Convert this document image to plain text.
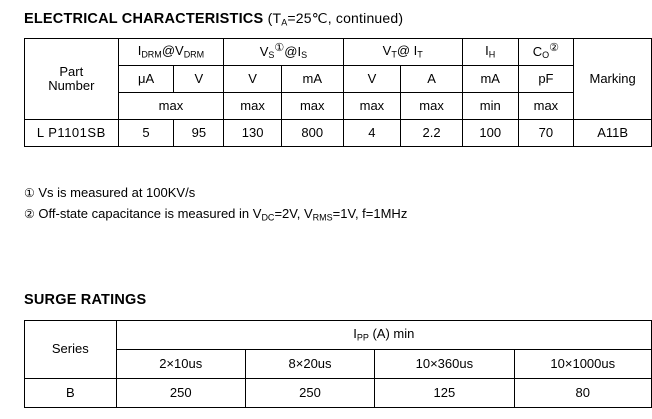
ELECTRICAL CHARACTERISTICS ($T_A=25℃$, continued)
Part
Number	$I_{DRM}@V_{DRM}$		$V_S^①@I_S$		$V_T@$ $I_T$		$I_H$	$C_O^②$	Marking
	μA	V	V	mA	V	A	mA	pF	
	max		max	max	max	max	min	max	
L P1101SB	5	95	130	800	4	2.2	100	70	A11B
① Vs is measured at 100KV/s
② Off-state capacitance is measured in $V_{DC}=2V$, $V_{RMS}=1V$, f=1MHz
SURGE RATINGS
Series	$I_{PP}$ (A) min			
	2×10us	8×20us	10×360us	10×1000us
B	250	250	125	80
